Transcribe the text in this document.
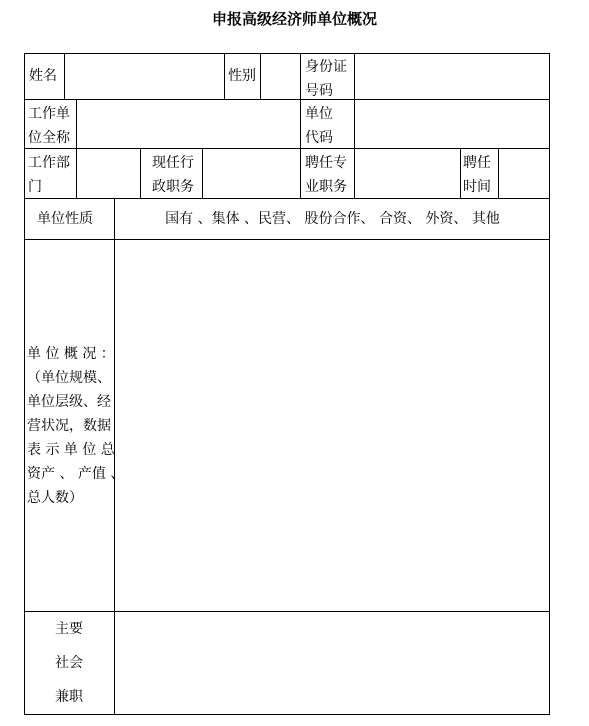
申报高级经济师单位概况
姓名	性别
身份证
号码
工作单
位全称
单位
代码
工作部
门
现任行
政职务
聘任专
业职务
聘任
时间
单位性质	国有 、集体 、民营、 股份合作、 合资、 外资、 其他
单 位 概 况 ：
（单位规模、
单位层级、经
营状况，数据
表 示 单 位 总
资产 、 产值 、
总人数）
主要
社会
兼职
